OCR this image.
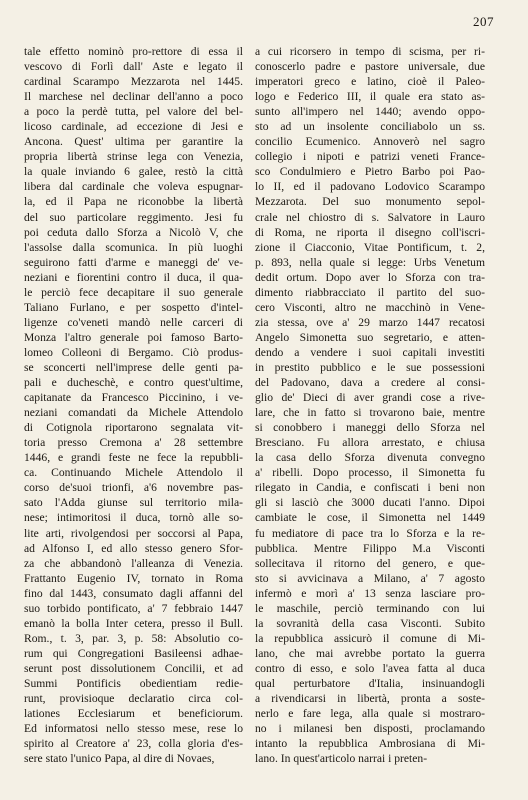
207
tale effetto nominò pro-rettore di essa il
vescovo di Forlì dall' Aste e legato il
cardinal Scarampo Mezzarota nel 1445.
Il marchese nel declinar dell'anno a poco
a poco la perdè tutta, pel valore del bel-
licoso cardinale, ad eccezione di Jesi e
Ancona. Quest' ultima per garantire la
propria libertà strinse lega con Venezia,
la quale inviando 6 galee, restò la città
libera dal cardinale che voleva espugnar-
la, ed il Papa ne riconobbe la libertà
del suo particolare reggimento. Jesi fu
poi ceduta dallo Sforza a Nicolò V, che
l'assolse dalla scomunica. In più luoghi
seguirono fatti d'arme e maneggi de' ve-
neziani e fiorentini contro il duca, il qua-
le perciò fece decapitare il suo generale
Taliano Furlano, e per sospetto d'intel-
ligenze co'veneti mandò nelle carceri di
Monza l'altro generale poi famoso Barto-
lomeo Colleoni di Bergamo. Ciò produs-
se sconcerti nell'imprese delle genti pa-
pali e ducheschè, e contro quest'ultime,
capitanate da Francesco Piccinino, i ve-
neziani comandati da Michele Attendolo
di Cotignola riportarono segnalata vit-
toria presso Cremona a' 28 settembre
1446, e grandi feste ne fece la repubbli-
ca. Continuando Michele Attendolo il
corso de'suoi trionfi, a'6 novembre pas-
sato l'Adda giunse sul territorio mila-
nese; intimoritosi il duca, tornò alle so-
lite arti, rivolgendosi per soccorsi al Papa,
ad Alfonso I, ed allo stesso genero Sfor-
za che abbandonò l'alleanza di Venezia.
Frattanto Eugenio IV, tornato in Roma
fino dal 1443, consumato dagli affanni del
suo torbido pontificato, a' 7 febbraio 1447
emanò la bolla Inter cetera, presso il Bull.
Rom., t. 3, par. 3, p. 58: Absolutio co-
rum qui Congregationi Basileensi adhae-
serunt post dissolutionem Concilii, et ad
Summi Pontificis obedientiam redie-
runt, provisioque declaratio circa col-
lationes Ecclesiarum et beneficiorum.
Ed informatosi nello stesso mese, rese lo
spirito al Creatore a' 23, colla gloria d'es-
sere stato l'unico Papa, al dire di Novaes,
a cui ricorsero in tempo di scisma, per ri-
conoscerlo padre e pastore universale, due
imperatori greco e latino, cioè il Paleo-
logo e Federico III, il quale era stato as-
sunto all'impero nel 1440; avendo oppo-
sto ad un insolente conciliabolo un ss.
concilio Ecumenico. Annoverò nel sagro
collegio i nipoti e patrizi veneti France-
sco Condulmiero e Pietro Barbo poi Pao-
lo II, ed il padovano Lodovico Scarampo
Mezzarota. Del suo monumento sepol-
crale nel chiostro di s. Salvatore in Lauro
di Roma, ne riporta il disegno coll'iscri-
zione il Ciacconio, Vitae Pontificum, t. 2,
p. 893, nella quale si legge: Urbs Venetum
dedit ortum. Dopo aver lo Sforza con tra-
dimento riabbracciato il partito del suo-
cero Visconti, altro ne macchinò in Vene-
zia stessa, ove a' 29 marzo 1447 recatosi
Angelo Simonetta suo segretario, e atten-
dendo a vendere i suoi capitali investiti
in prestito pubblico e le sue possessioni
del Padovano, dava a credere al consi-
glio de' Dieci di aver grandi cose a rive-
lare, che in fatto si trovarono baie, mentre
si conobbero i maneggi dello Sforza nel
Bresciano. Fu allora arrestato, e chiusa
la casa dello Sforza divenuta convegno
a' ribelli. Dopo processo, il Simonetta fu
rilegato in Candia, e confiscati i beni non
gli si lasciò che 3000 ducati l'anno. Dipoi
cambiate le cose, il Simonetta nel 1449
fu mediatore di pace tra lo Sforza e la re-
pubblica. Mentre Filippo M.a Visconti
sollecitava il ritorno del genero, e que-
sto si avvicinava a Milano, a' 7 agosto
infermò e morì a' 13 senza lasciare pro-
le maschile, perciò terminando con lui
la sovranità della casa Visconti. Subito
la repubblica assicurò il comune di Mi-
lano, che mai avrebbe portato la guerra
contro di esso, e solo l'avea fatta al duca
qual perturbatore d'Italia, insinuandogli
a rivendicarsi in libertà, pronta a soste-
nerlo e fare lega, alla quale si mostraro-
no i milanesi ben disposti, proclamando
intanto la repubblica Ambrosiana di Mi-
lano. In quest'articolo narrai i preten-
